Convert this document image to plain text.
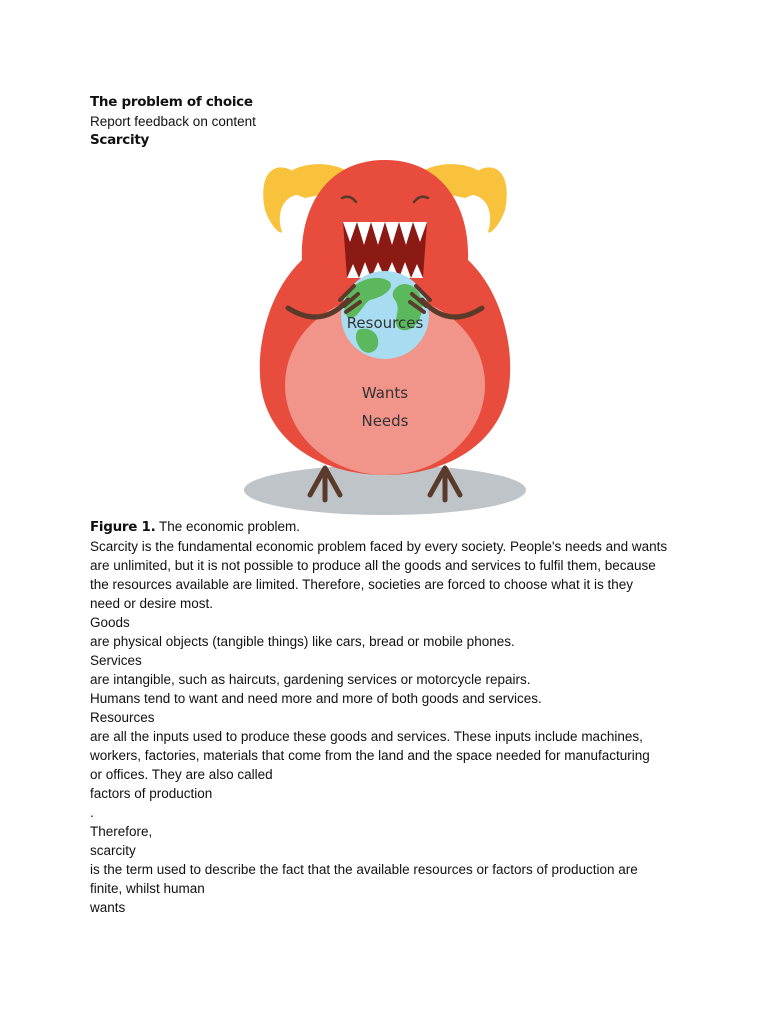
The problem of choice
Report feedback on content
Scarcity
Resources
Wants
Needs
Figure 1. The economic problem.
Scarcity is the fundamental economic problem faced by every society. People's needs and wants
are unlimited, but it is not possible to produce all the goods and services to fulfil them, because
the resources available are limited. Therefore, societies are forced to choose what it is they
need or desire most.
Goods
are physical objects (tangible things) like cars, bread or mobile phones.
Services
are intangible, such as haircuts, gardening services or motorcycle repairs.
Humans tend to want and need more and more of both goods and services.
Resources
are all the inputs used to produce these goods and services. These inputs include machines,
workers, factories, materials that come from the land and the space needed for manufacturing
or offices. They are also called
factors of production
.
Therefore,
scarcity
is the term used to describe the fact that the available resources or factors of production are
finite, whilst human
wants
